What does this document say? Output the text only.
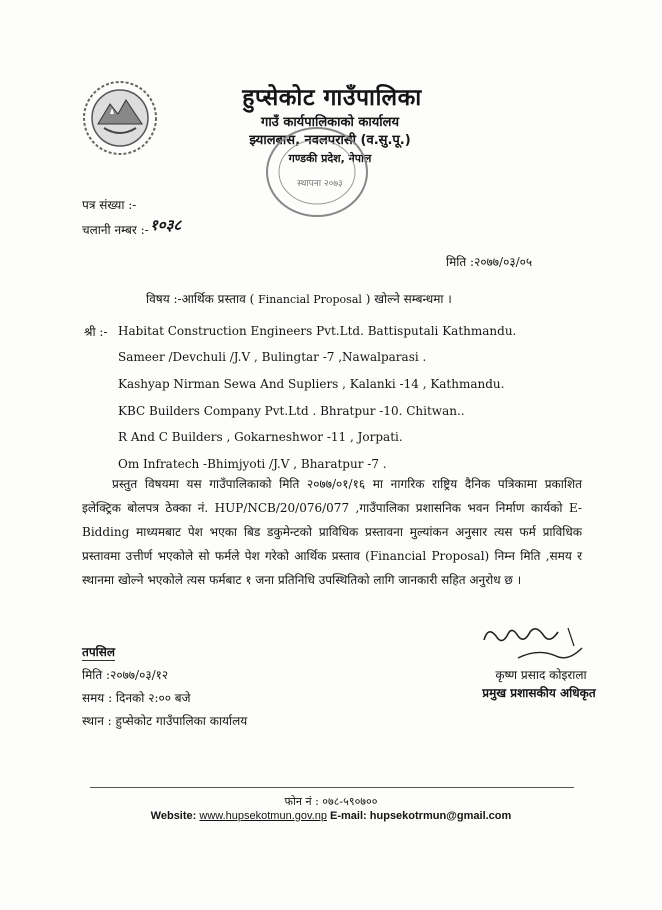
हुप्सेकोट गाउँपालिका
गाउँ कार्यपालिकाको कार्यालय
झ्यालबास, नवलपरासी (व.सु.पू.)
गण्डकी प्रदेश, नेपाल
स्थापना २०७३
पत्र संख्या :-
चलानी नम्बर :- १०३८
मिति :२०७७/०३/०५
विषय :-आर्थिक प्रस्ताव ( Financial Proposal ) खोल्ने सम्बन्धमा ।
श्री :- Habitat Construction Engineers Pvt.Ltd. Battisputali Kathmandu.
Sameer /Devchuli /J.V , Bulingtar -7 ,Nawalparasi .
Kashyap Nirman Sewa And Supliers , Kalanki -14 , Kathmandu.
KBC Builders Company Pvt.Ltd . Bhratpur -10. Chitwan..
R And C Builders , Gokarneshwor -11 , Jorpati.
Om Infratech -Bhimjyoti /J.V , Bharatpur -7 .
प्रस्तुत विषयमा यस गाउँपालिकाको मिति २०७७/०१/१६ मा नागरिक राष्ट्रिय दैनिक पत्रिकामा प्रकाशित इलेक्ट्रिक बोलपत्र ठेक्का नं. HUP/NCB/20/076/077 ,गाउँपालिका प्रशासनिक भवन निर्माण कार्यको E-Bidding माध्यमबाट पेश भएका बिड डकुमेन्टको प्राविधिक प्रस्तावना मुल्यांकन अनुसार त्यस फर्म प्राविधिक प्रस्तावमा उत्तीर्ण भएकोले सो फर्मले पेश गरेको आर्थिक प्रस्ताव (Financial Proposal) निम्न मिति ,समय र स्थानमा खोल्ने भएकोले त्यस फर्मबाट १ जना प्रतिनिधि उपस्थितिको लागि जानकारी सहित अनुरोध छ ।
तपसिल
मिति :२०७७/०३/१२
समय : दिनको २:०० बजे
स्थान : हुप्सेकोट गाउँपालिका कार्यालय
कृष्ण प्रसाद कोइराला
प्रमुख प्रशासकीय अधिकृत
फोन नं : ०७८-५९०७००
Website: www.hupsekotmun.gov.np E-mail: hupsekotrmun@gmail.com
